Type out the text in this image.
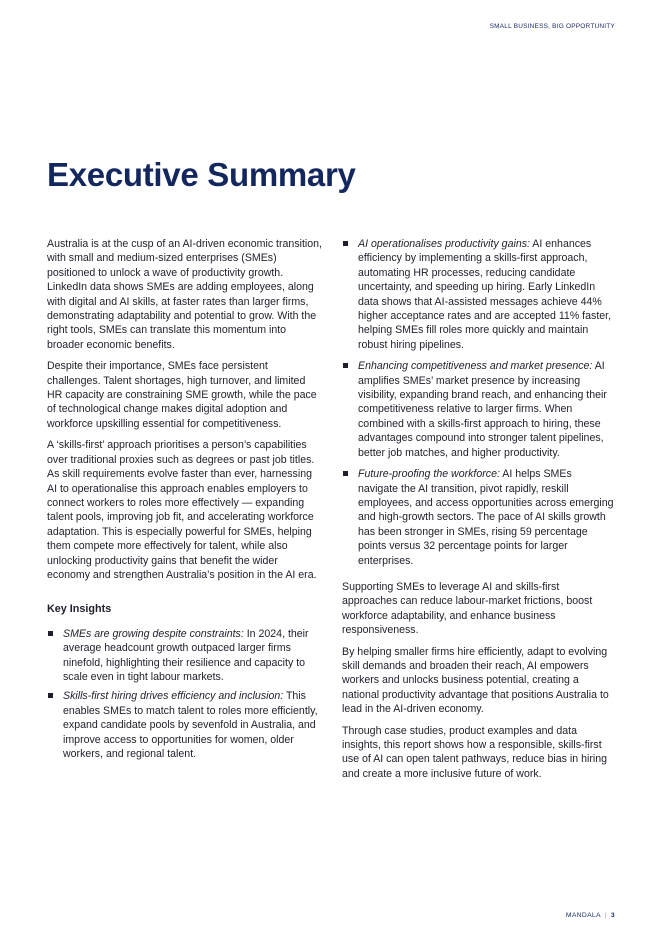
SMALL BUSINESS, BIG OPPORTUNITY
Executive Summary

Australia is at the cusp of an AI-driven economic transition, with small and medium-sized enterprises (SMEs) positioned to unlock a wave of productivity growth. LinkedIn data shows SMEs are adding employees, along with digital and AI skills, at faster rates than larger firms, demonstrating adaptability and potential to grow. With the right tools, SMEs can translate this momentum into broader economic benefits.

Despite their importance, SMEs face persistent challenges. Talent shortages, high turnover, and limited HR capacity are constraining SME growth, while the pace of technological change makes digital adoption and workforce upskilling essential for competitiveness.

A ‘skills-first’ approach prioritises a person’s capabilities over traditional proxies such as degrees or past job titles. As skill requirements evolve faster than ever, harnessing AI to operationalise this approach enables employers to connect workers to roles more effectively — expanding talent pools, improving job fit, and accelerating workforce adaptation. This is especially powerful for SMEs, helping them compete more effectively for talent, while also unlocking productivity gains that benefit the wider economy and strengthen Australia’s position in the AI era.

Key Insights
SMEs are growing despite constraints: In 2024, their average headcount growth outpaced larger firms ninefold, highlighting their resilience and capacity to scale even in tight labour markets.
Skills-first hiring drives efficiency and inclusion: This enables SMEs to match talent to roles more efficiently, expand candidate pools by sevenfold in Australia, and improve access to opportunities for women, older workers, and regional talent.
AI operationalises productivity gains: AI enhances efficiency by implementing a skills-first approach, automating HR processes, reducing candidate uncertainty, and speeding up hiring. Early LinkedIn data shows that AI-assisted messages achieve 44% higher acceptance rates and are accepted 11% faster, helping SMEs fill roles more quickly and maintain robust hiring pipelines.
Enhancing competitiveness and market presence: AI amplifies SMEs’ market presence by increasing visibility, expanding brand reach, and enhancing their competitiveness relative to larger firms. When combined with a skills-first approach to hiring, these advantages compound into stronger talent pipelines, better job matches, and higher productivity.
Future-proofing the workforce: AI helps SMEs navigate the AI transition, pivot rapidly, reskill employees, and access opportunities across emerging and high-growth sectors. The pace of AI skills growth has been stronger in SMEs, rising 59 percentage points versus 32 percentage points for larger enterprises.

Supporting SMEs to leverage AI and skills-first approaches can reduce labour-market frictions, boost workforce adaptability, and enhance business responsiveness.

By helping smaller firms hire efficiently, adapt to evolving skill demands and broaden their reach, AI empowers workers and unlocks business potential, creating a national productivity advantage that positions Australia to lead in the AI-driven economy.

Through case studies, product examples and data insights, this report shows how a responsible, skills-first use of AI can open talent pathways, reduce bias in hiring and create a more inclusive future of work.

MANDALA | 3
